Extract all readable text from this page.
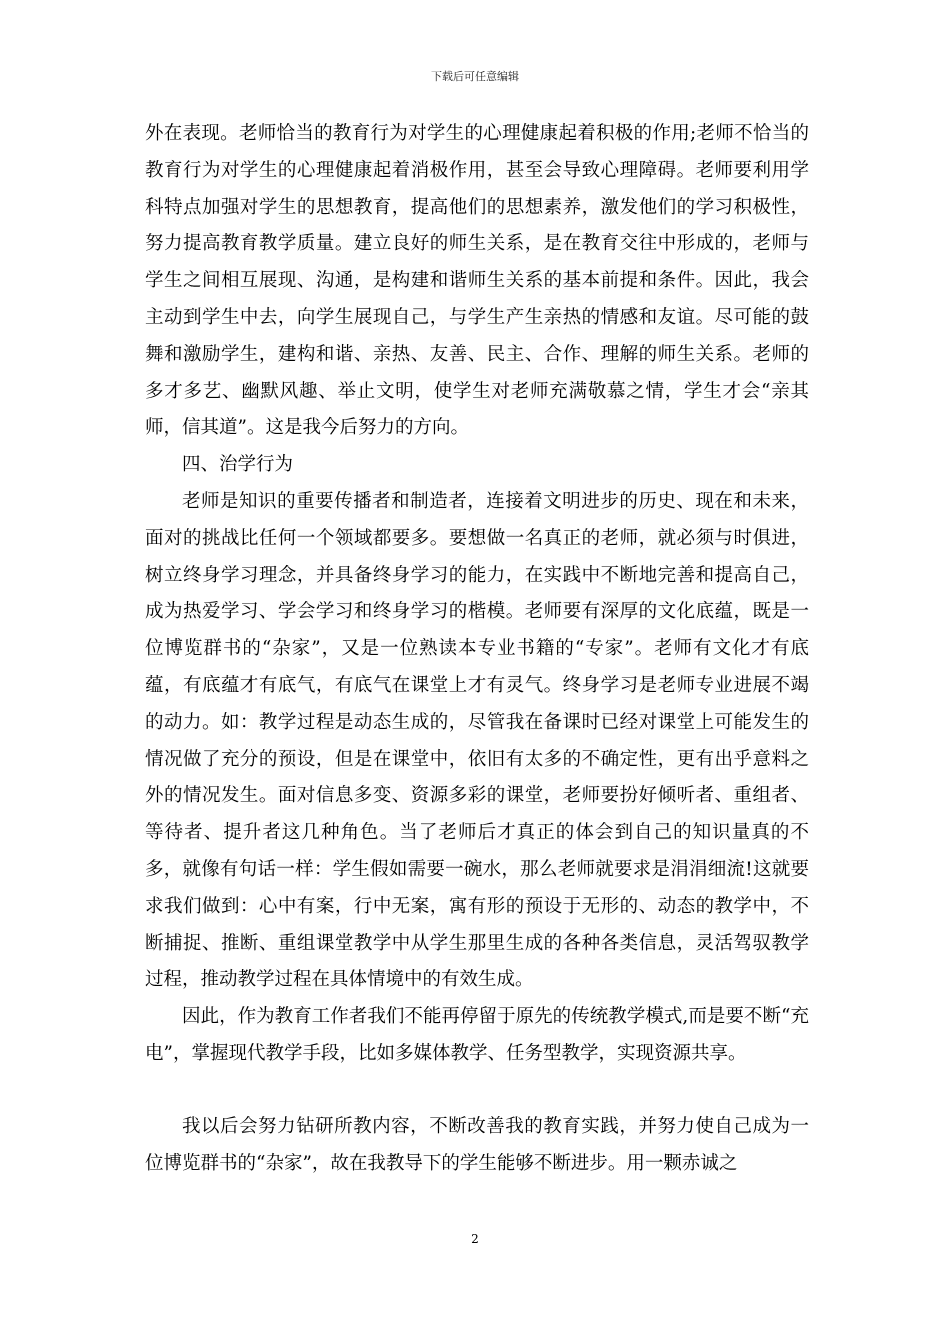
下载后可任意编辑

外在表现。老师恰当的教育行为对学生的心理健康起着积极的作用;老师不恰当的教育行为对学生的心理健康起着消极作用，甚至会导致心理障碍。老师要利用学科特点加强对学生的思想教育，提高他们的思想素养，激发他们的学习积极性，努力提高教育教学质量。建立良好的师生关系，是在教育交往中形成的，老师与学生之间相互展现、沟通，是构建和谐师生关系的基本前提和条件。因此，我会主动到学生中去，向学生展现自己，与学生产生亲热的情感和友谊。尽可能的鼓舞和激励学生，建构和谐、亲热、友善、民主、合作、理解的师生关系。老师的多才多艺、幽默风趣、举止文明，使学生对老师充满敬慕之情，学生才会“亲其师，信其道”。这是我今后努力的方向。

四、治学行为

老师是知识的重要传播者和制造者，连接着文明进步的历史、现在和未来，面对的挑战比任何一个领域都要多。要想做一名真正的老师，就必须与时俱进，树立终身学习理念，并具备终身学习的能力，在实践中不断地完善和提高自己，成为热爱学习、学会学习和终身学习的楷模。老师要有深厚的文化底蕴，既是一位博览群书的“杂家”，又是一位熟读本专业书籍的“专家”。老师有文化才有底蕴，有底蕴才有底气，有底气在课堂上才有灵气。终身学习是老师专业进展不竭的动力。如：教学过程是动态生成的，尽管我在备课时已经对课堂上可能发生的情况做了充分的预设，但是在课堂中，依旧有太多的不确定性，更有出乎意料之外的情况发生。面对信息多变、资源多彩的课堂，老师要扮好倾听者、重组者、等待者、提升者这几种角色。当了老师后才真正的体会到自己的知识量真的不多，就像有句话一样：学生假如需要一碗水，那么老师就要求是涓涓细流!这就要求我们做到：心中有案，行中无案，寓有形的预设于无形的、动态的教学中，不断捕捉、推断、重组课堂教学中从学生那里生成的各种各类信息，灵活驾驭教学过程，推动教学过程在具体情境中的有效生成。

因此，作为教育工作者我们不能再停留于原先的传统教学模式,而是要不断“充电”，掌握现代教学手段，比如多媒体教学、任务型教学，实现资源共享。

我以后会努力钻研所教内容，不断改善我的教育实践，并努力使自己成为一位博览群书的“杂家”，故在我教导下的学生能够不断进步。用一颗赤诚之

2
